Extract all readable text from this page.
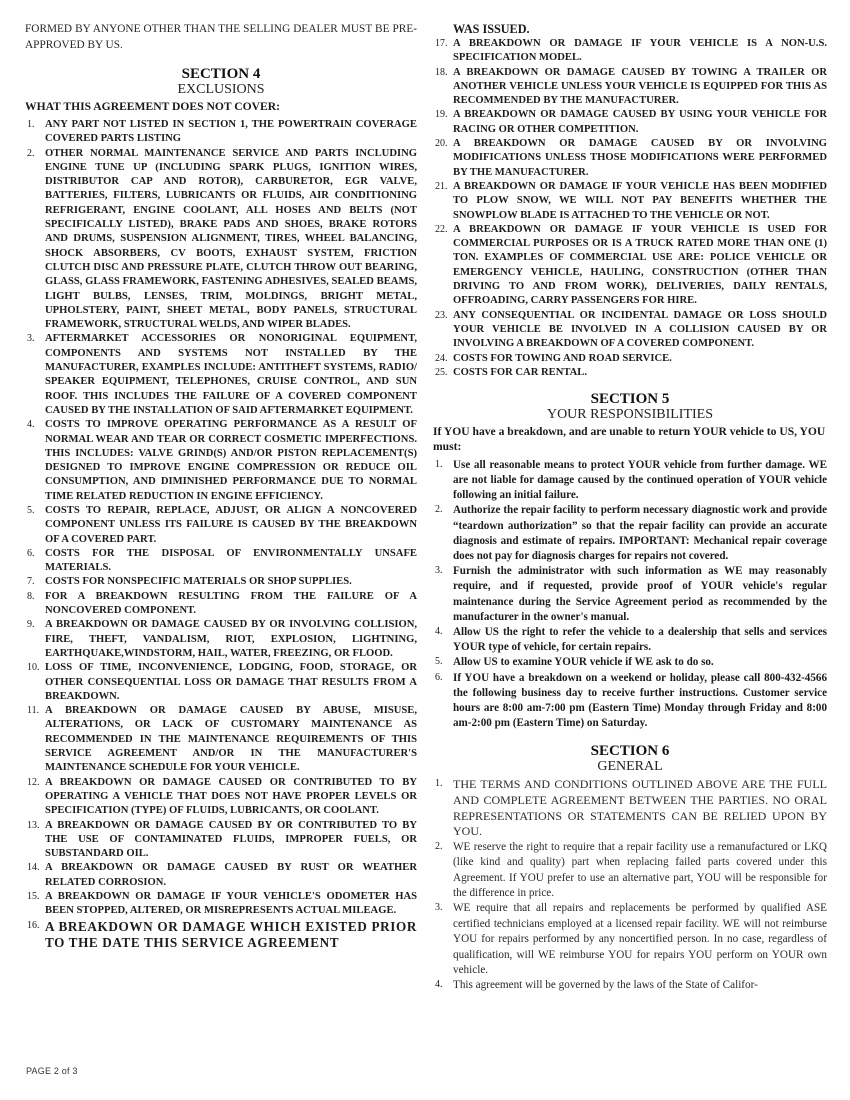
FORMED BY ANYONE OTHER THAN THE SELLING DEALER MUST BE PRE-APPROVED BY US.

SECTION 4
EXCLUSIONS
WHAT THIS AGREEMENT DOES NOT COVER:
1. ANY PART NOT LISTED IN SECTION 1, THE POWERTRAIN COVERAGE COVERED PARTS LISTING
2. OTHER NORMAL MAINTENANCE SERVICE AND PARTS INCLUDING ENGINE TUNE UP (INCLUDING SPARK PLUGS, IGNITION WIRES, DISTRIBUTOR CAP AND ROTOR), CARBURETOR, EGR VALVE, BATTERIES, FILTERS, LUBRICANTS OR FLUIDS, AIR CONDITIONING REFRIGERANT, ENGINE COOLANT, ALL HOSES AND BELTS (NOT SPECIFICALLY LISTED), BRAKE PADS AND SHOES, BRAKE ROTORS AND DRUMS, SUSPENSION ALIGNMENT, TIRES, WHEEL BALANCING, SHOCK ABSORBERS, CV BOOTS, EXHAUST SYSTEM, FRICTION CLUTCH DISC AND PRESSURE PLATE, CLUTCH THROW OUT BEARING, GLASS, GLASS FRAMEWORK, FASTENING ADHESIVES, SEALED BEAMS, LIGHT BULBS, LENSES, TRIM, MOLDINGS, BRIGHT METAL, UPHOLSTERY, PAINT, SHEET METAL, BODY PANELS, STRUCTURAL FRAMEWORK, STRUCTURAL WELDS, AND WIPER BLADES.
3. AFTERMARKET ACCESSORIES OR NONORIGINAL EQUIPMENT, COMPONENTS AND SYSTEMS NOT INSTALLED BY THE MANUFACTURER, EXAMPLES INCLUDE: ANTITHEFT SYSTEMS, RADIO/ SPEAKER EQUIPMENT, TELEPHONES, CRUISE CONTROL, AND SUN ROOF. THIS INCLUDES THE FAILURE OF A COVERED COMPONENT CAUSED BY THE INSTALLATION OF SAID AFTERMARKET EQUIPMENT.
4. COSTS TO IMPROVE OPERATING PERFORMANCE AS A RESULT OF NORMAL WEAR AND TEAR OR CORRECT COSMETIC IMPERFECTIONS. THIS INCLUDES: VALVE GRIND(S) AND/OR PISTON REPLACEMENT(S) DESIGNED TO IMPROVE ENGINE COMPRESSION OR REDUCE OIL CONSUMPTION, AND DIMINISHED PERFORMANCE DUE TO NORMAL TIME RELATED REDUCTION IN ENGINE EFFICIENCY.
5. COSTS TO REPAIR, REPLACE, ADJUST, OR ALIGN A NONCOVERED COMPONENT UNLESS ITS FAILURE IS CAUSED BY THE BREAKDOWN OF A COVERED PART.
6. COSTS FOR THE DISPOSAL OF ENVIRONMENTALLY UNSAFE MATERIALS.
7. COSTS FOR NONSPECIFIC MATERIALS OR SHOP SUPPLIES.
8. FOR A BREAKDOWN RESULTING FROM THE FAILURE OF A NONCOVERED COMPONENT.
9. A BREAKDOWN OR DAMAGE CAUSED BY OR INVOLVING COLLISION, FIRE, THEFT, VANDALISM, RIOT, EXPLOSION, LIGHTNING, EARTHQUAKE,WINDSTORM, HAIL, WATER, FREEZING, OR FLOOD.
10. LOSS OF TIME, INCONVENIENCE, LODGING, FOOD, STORAGE, OR OTHER CONSEQUENTIAL LOSS OR DAMAGE THAT RESULTS FROM A BREAKDOWN.
11. A BREAKDOWN OR DAMAGE CAUSED BY ABUSE, MISUSE, ALTERATIONS, OR LACK OF CUSTOMARY MAINTENANCE AS RECOMMENDED IN THE MAINTENANCE REQUIREMENTS OF THIS SERVICE AGREEMENT AND/OR IN THE MANUFACTURER'S MAINTENANCE SCHEDULE FOR YOUR VEHICLE.
12. A BREAKDOWN OR DAMAGE CAUSED OR CONTRIBUTED TO BY OPERATING A VEHICLE THAT DOES NOT HAVE PROPER LEVELS OR SPECIFICATION (TYPE) OF FLUIDS, LUBRICANTS, OR COOLANT.
13. A BREAKDOWN OR DAMAGE CAUSED BY OR CONTRIBUTED TO BY THE USE OF CONTAMINATED FLUIDS, IMPROPER FUELS, OR SUBSTANDARD OIL.
14. A BREAKDOWN OR DAMAGE CAUSED BY RUST OR WEATHER RELATED CORROSION.
15. A BREAKDOWN OR DAMAGE IF YOUR VEHICLE'S ODOMETER HAS BEEN STOPPED, ALTERED, OR MISREPRESENTS ACTUAL MILEAGE.
16. A BREAKDOWN OR DAMAGE WHICH EXISTED PRIOR TO THE DATE THIS SERVICE AGREEMENT

WAS ISSUED.

17. A BREAKDOWN OR DAMAGE IF YOUR VEHICLE IS A NON-U.S. SPECIFICATION MODEL.
18. A BREAKDOWN OR DAMAGE CAUSED BY TOWING A TRAILER OR ANOTHER VEHICLE UNLESS YOUR VEHICLE IS EQUIPPED FOR THIS AS RECOMMENDED BY THE MANUFACTURER.
19. A BREAKDOWN OR DAMAGE CAUSED BY USING YOUR VEHICLE FOR RACING OR OTHER COMPETITION.
20. A BREAKDOWN OR DAMAGE CAUSED BY OR INVOLVING MODIFICATIONS UNLESS THOSE MODIFICATIONS WERE PERFORMED BY THE MANUFACTURER.
21. A BREAKDOWN OR DAMAGE IF YOUR VEHICLE HAS BEEN MODIFIED TO PLOW SNOW, WE WILL NOT PAY BENEFITS WHETHER THE SNOWPLOW BLADE IS ATTACHED TO THE VEHICLE OR NOT.
22. A BREAKDOWN OR DAMAGE IF YOUR VEHICLE IS USED FOR COMMERCIAL PURPOSES OR IS A TRUCK RATED MORE THAN ONE (1) TON. EXAMPLES OF COMMERCIAL USE ARE: POLICE VEHICLE OR EMERGENCY VEHICLE, HAULING, CONSTRUCTION (OTHER THAN DRIVING TO AND FROM WORK), DELIVERIES, DAILY RENTALS, OFFROADING, CARRY PASSENGERS FOR HIRE.
23. ANY CONSEQUENTIAL OR INCIDENTAL DAMAGE OR LOSS SHOULD YOUR VEHICLE BE INVOLVED IN A COLLISION CAUSED BY OR INVOLVING A BREAKDOWN OF A COVERED COMPONENT.
24. COSTS FOR TOWING AND ROAD SERVICE.
25. COSTS FOR CAR RENTAL.
SECTION 5
YOUR RESPONSIBILITIES
If YOU have a breakdown, and are unable to return YOUR vehicle to US, YOU must:
1. Use all reasonable means to protect YOUR vehicle from further damage. WE are not liable for damage caused by the continued operation of YOUR vehicle following an initial failure.
2. Authorize the repair facility to perform necessary diagnostic work and provide “teardown authorization” so that the repair facility can provide an accurate diagnosis and estimate of repairs. IMPORTANT: Mechanical repair coverage does not pay for diagnosis charges for repairs not covered.
3. Furnish the administrator with such information as WE may reasonably require, and if requested, provide proof of YOUR vehicle's regular maintenance during the Service Agreement period as recommended by the manufacturer in the owner's manual.
4. Allow US the right to refer the vehicle to a dealership that sells and services YOUR type of vehicle, for certain repairs.
5. Allow US to examine YOUR vehicle if WE ask to do so.
6. If YOU have a breakdown on a weekend or holiday, please call 800-432-4566 the following business day to receive further instructions. Customer service hours are 8:00 am-7:00 pm (Eastern Time) Monday through Friday and 8:00 am-2:00 pm (Eastern Time) on Saturday.
SECTION 6
GENERAL
1. THE TERMS AND CONDITIONS OUTLINED ABOVE ARE THE FULL AND COMPLETE AGREEMENT BETWEEN THE PARTIES. NO ORAL REPRESENTATIONS OR STATEMENTS CAN BE RELIED UPON BY YOU.
2. WE reserve the right to require that a repair facility use a remanufactured or LKQ (like kind and quality) part when replacing failed parts covered under this Agreement. If YOU prefer to use an alternative part, YOU will be responsible for the difference in price.
3. WE require that all repairs and replacements be performed by qualified ASE certified technicians employed at a licensed repair facility. WE will not reimburse YOU for repairs performed by any noncertified person. In no case, regardless of qualification, will WE reimburse YOU for repairs YOU perform on YOUR own vehicle.
4. This agreement will be governed by the laws of the State of Califor-
PAGE 2 of 3
